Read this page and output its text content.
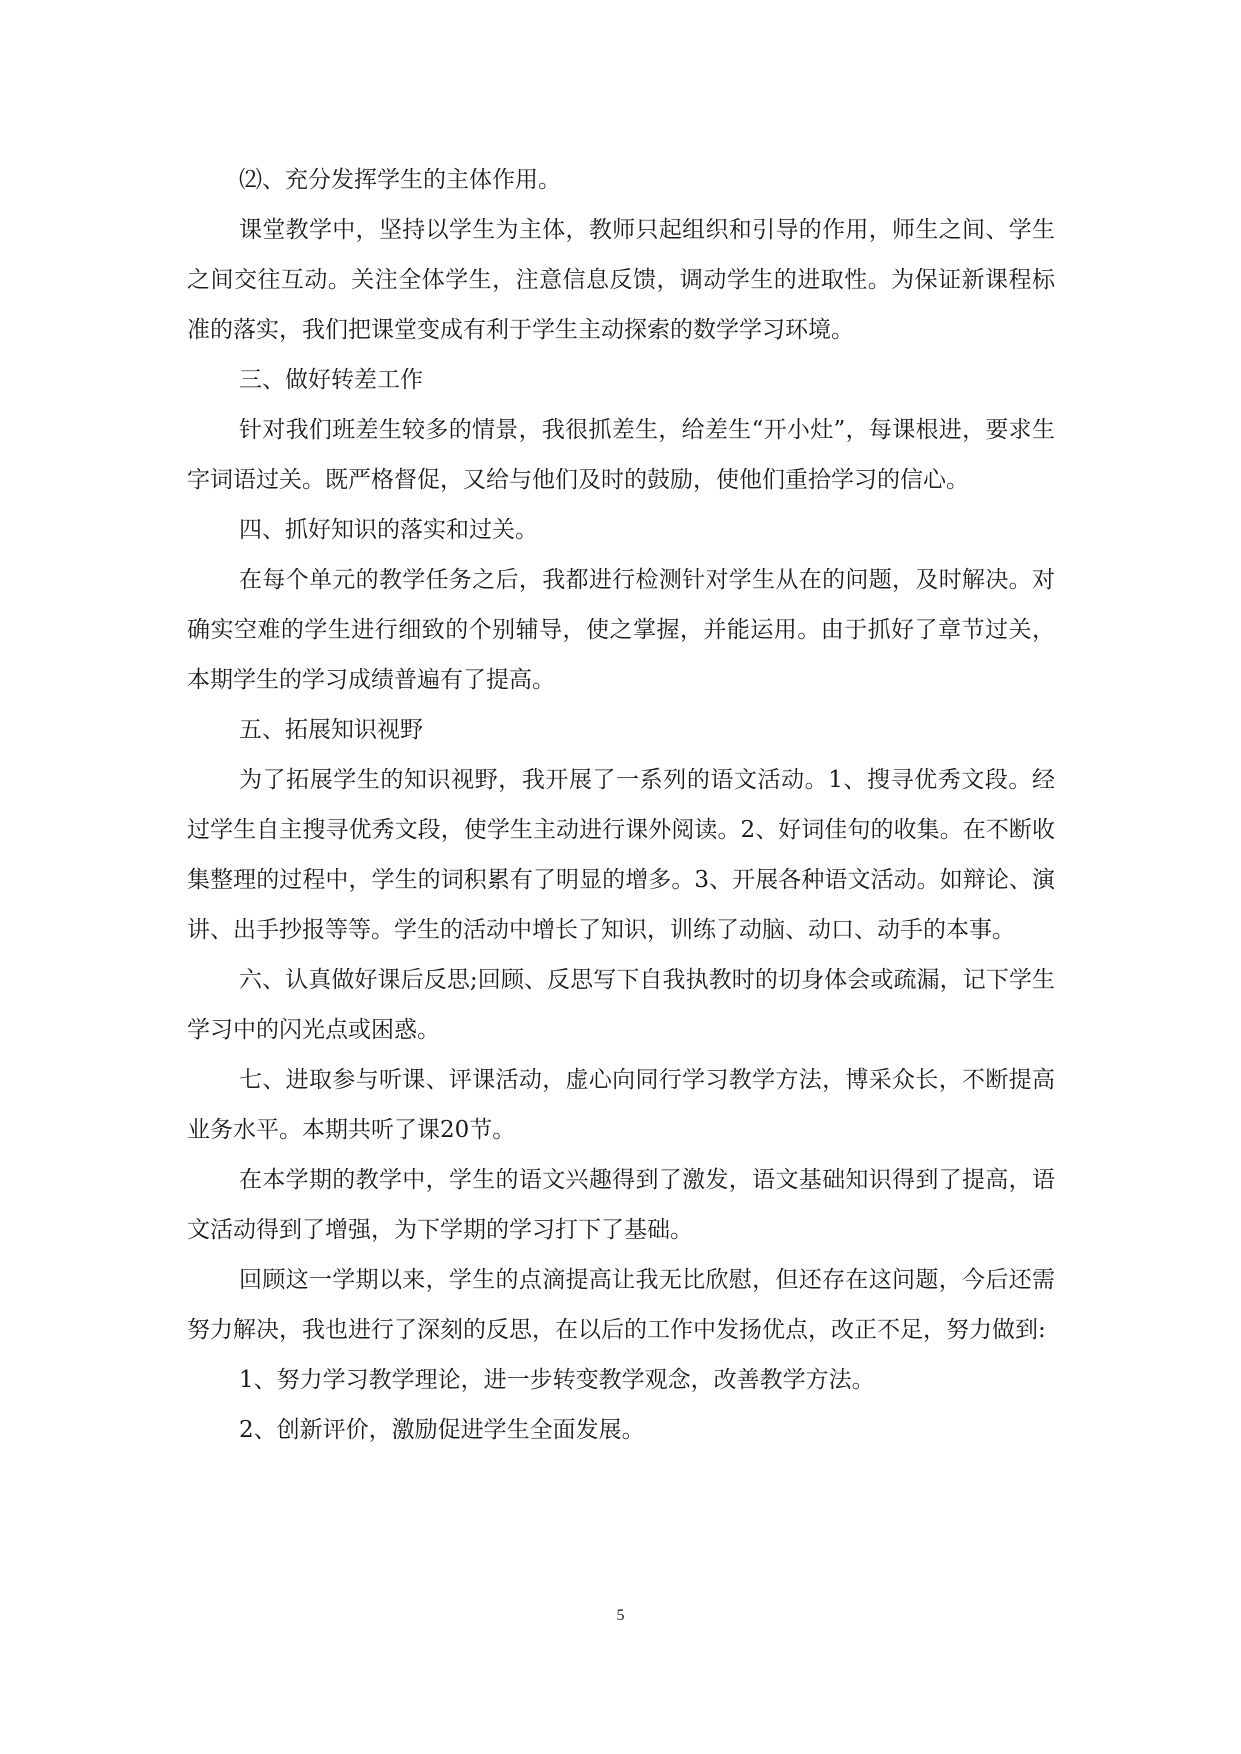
⑵、充分发挥学生的主体作用。

课堂教学中，坚持以学生为主体，教师只起组织和引导的作用，师生之间、学生之间交往互动。关注全体学生，注意信息反馈，调动学生的进取性。为保证新课程标准的落实，我们把课堂变成有利于学生主动探索的数学学习环境。

三、做好转差工作

针对我们班差生较多的情景，我很抓差生，给差生“开小灶”，每课根进，要求生字词语过关。既严格督促，又给与他们及时的鼓励，使他们重拾学习的信心。

四、抓好知识的落实和过关。

在每个单元的教学任务之后，我都进行检测针对学生从在的问题，及时解决。对确实空难的学生进行细致的个别辅导，使之掌握，并能运用。由于抓好了章节过关，本期学生的学习成绩普遍有了提高。

五、拓展知识视野

为了拓展学生的知识视野，我开展了一系列的语文活动。1、搜寻优秀文段。经过学生自主搜寻优秀文段，使学生主动进行课外阅读。2、好词佳句的收集。在不断收集整理的过程中，学生的词积累有了明显的增多。3、开展各种语文活动。如辩论、演讲、出手抄报等等。学生的活动中增长了知识，训练了动脑、动口、动手的本事。

六、认真做好课后反思;回顾、反思写下自我执教时的切身体会或疏漏，记下学生学习中的闪光点或困惑。

七、进取参与听课、评课活动，虚心向同行学习教学方法，博采众长，不断提高业务水平。本期共听了课20节。

在本学期的教学中，学生的语文兴趣得到了激发，语文基础知识得到了提高，语文活动得到了增强，为下学期的学习打下了基础。

回顾这一学期以来，学生的点滴提高让我无比欣慰，但还存在这问题，今后还需努力解决，我也进行了深刻的反思，在以后的工作中发扬优点，改正不足，努力做到:

1、努力学习教学理论，进一步转变教学观念，改善教学方法。

2、创新评价，激励促进学生全面发展。

5
